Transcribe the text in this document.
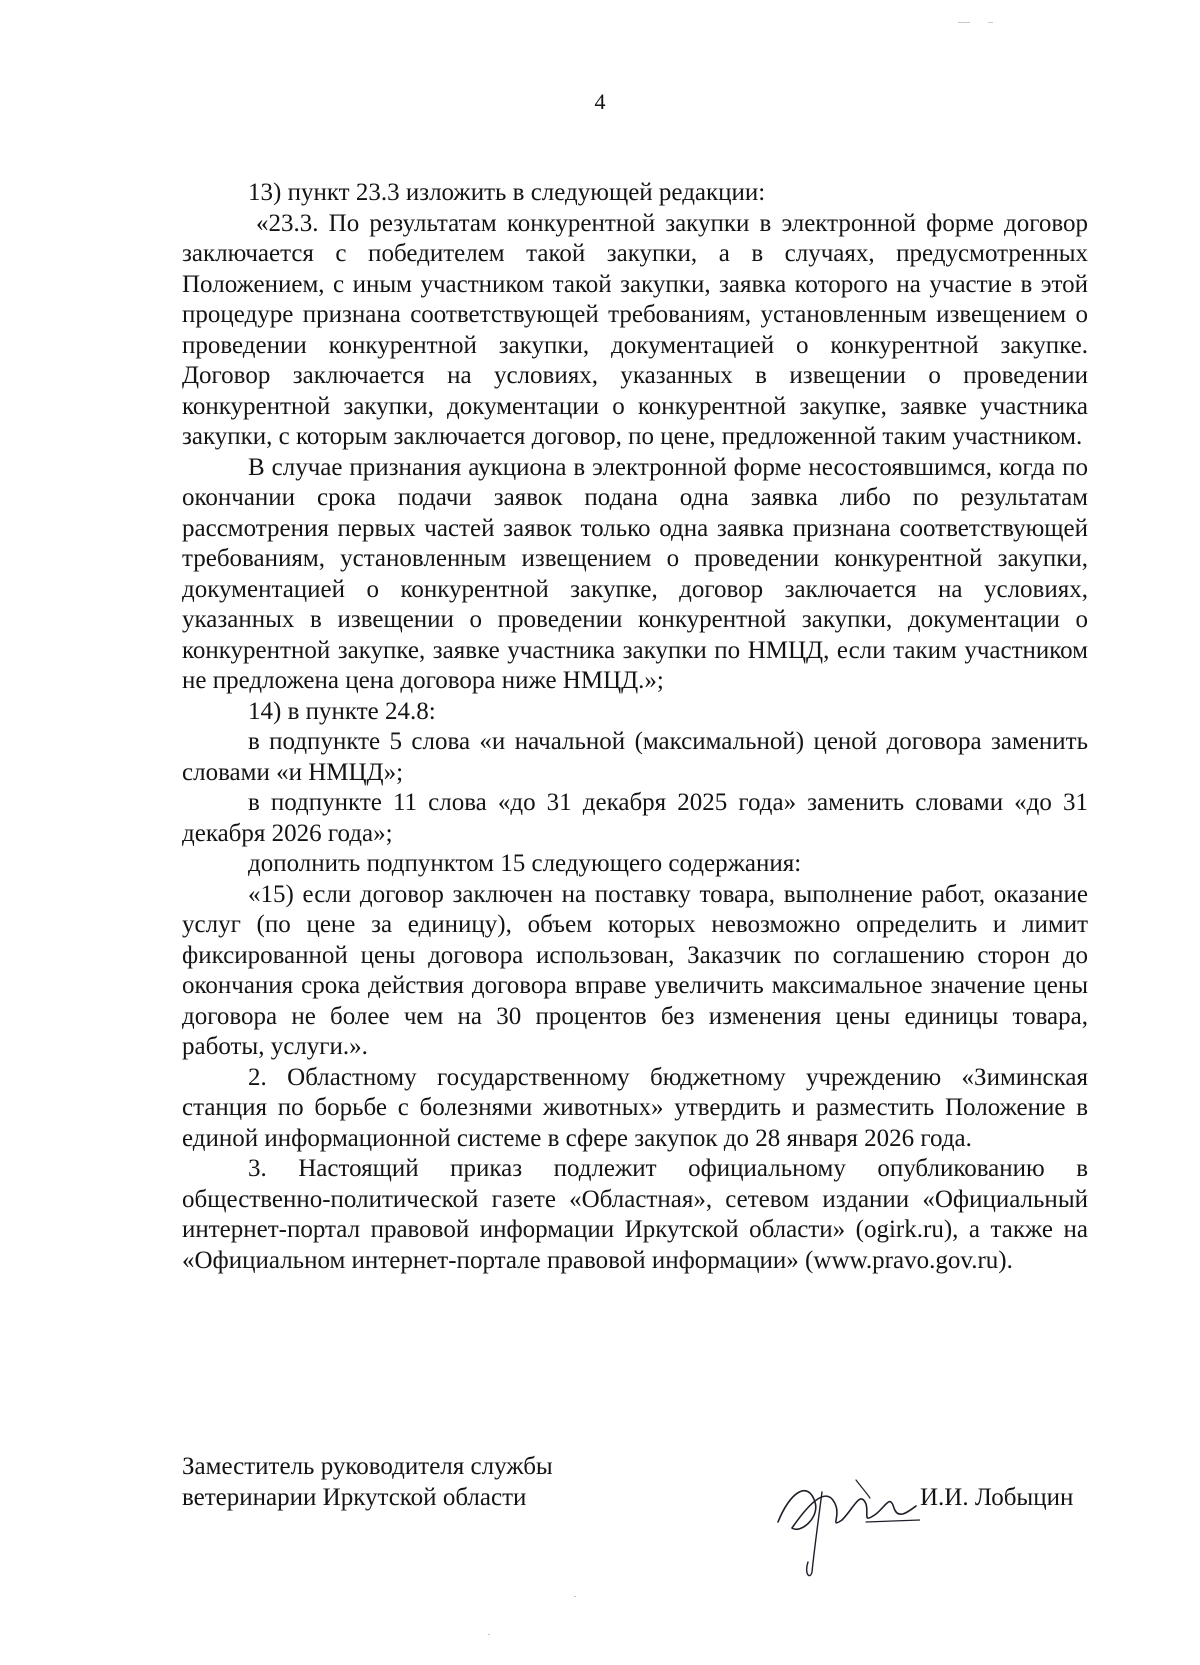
4

13) пункт 23.3 изложить в следующей редакции:

«23.3. По результатам конкурентной закупки в электронной форме договор заключается с победителем такой закупки, а в случаях, предусмотренных Положением, с иным участником такой закупки, заявка которого на участие в этой процедуре признана соответствующей требованиям, установленным извещением о проведении конкурентной закупки, документацией о конкурентной закупке. Договор заключается на условиях, указанных в извещении о проведении конкурентной закупки, документации о конкурентной закупке, заявке участника закупки, с которым заключается договор, по цене, предложенной таким участником.

В случае признания аукциона в электронной форме несостоявшимся, когда по окончании срока подачи заявок подана одна заявка либо по результатам рассмотрения первых частей заявок только одна заявка признана соответствующей требованиям, установленным извещением о проведении конкурентной закупки, документацией о конкурентной закупке, договор заключается на условиях, указанных в извещении о проведении конкурентной закупки, документации о конкурентной закупке, заявке участника закупки по НМЦД, если таким участником не предложена цена договора ниже НМЦД.»;

14) в пункте 24.8:

в подпункте 5 слова «и начальной (максимальной) ценой договора заменить словами «и НМЦД»;

в подпункте 11 слова «до 31 декабря 2025 года» заменить словами «до 31 декабря 2026 года»;

дополнить подпунктом 15 следующего содержания:

«15) если договор заключен на поставку товара, выполнение работ, оказание услуг (по цене за единицу), объем которых невозможно определить и лимит фиксированной цены договора использован, Заказчик по соглашению сторон до окончания срока действия договора вправе увеличить максимальное значение цены договора не более чем на 30 процентов без изменения цены единицы товара, работы, услуги.».

2. Областному государственному бюджетному учреждению «Зиминская станция по борьбе с болезнями животных» утвердить и разместить Положение в единой информационной системе в сфере закупок до 28 января 2026 года.

3. Настоящий приказ подлежит официальному опубликованию в общественно-политической газете «Областная», сетевом издании «Официальный интернет-портал правовой информации Иркутской области» (ogirk.ru), а также на «Официальном интернет-портале правовой информации» (www.pravo.gov.ru).

Заместитель руководителя службы
ветеринарии Иркутской области	И.И. Лобыцин
